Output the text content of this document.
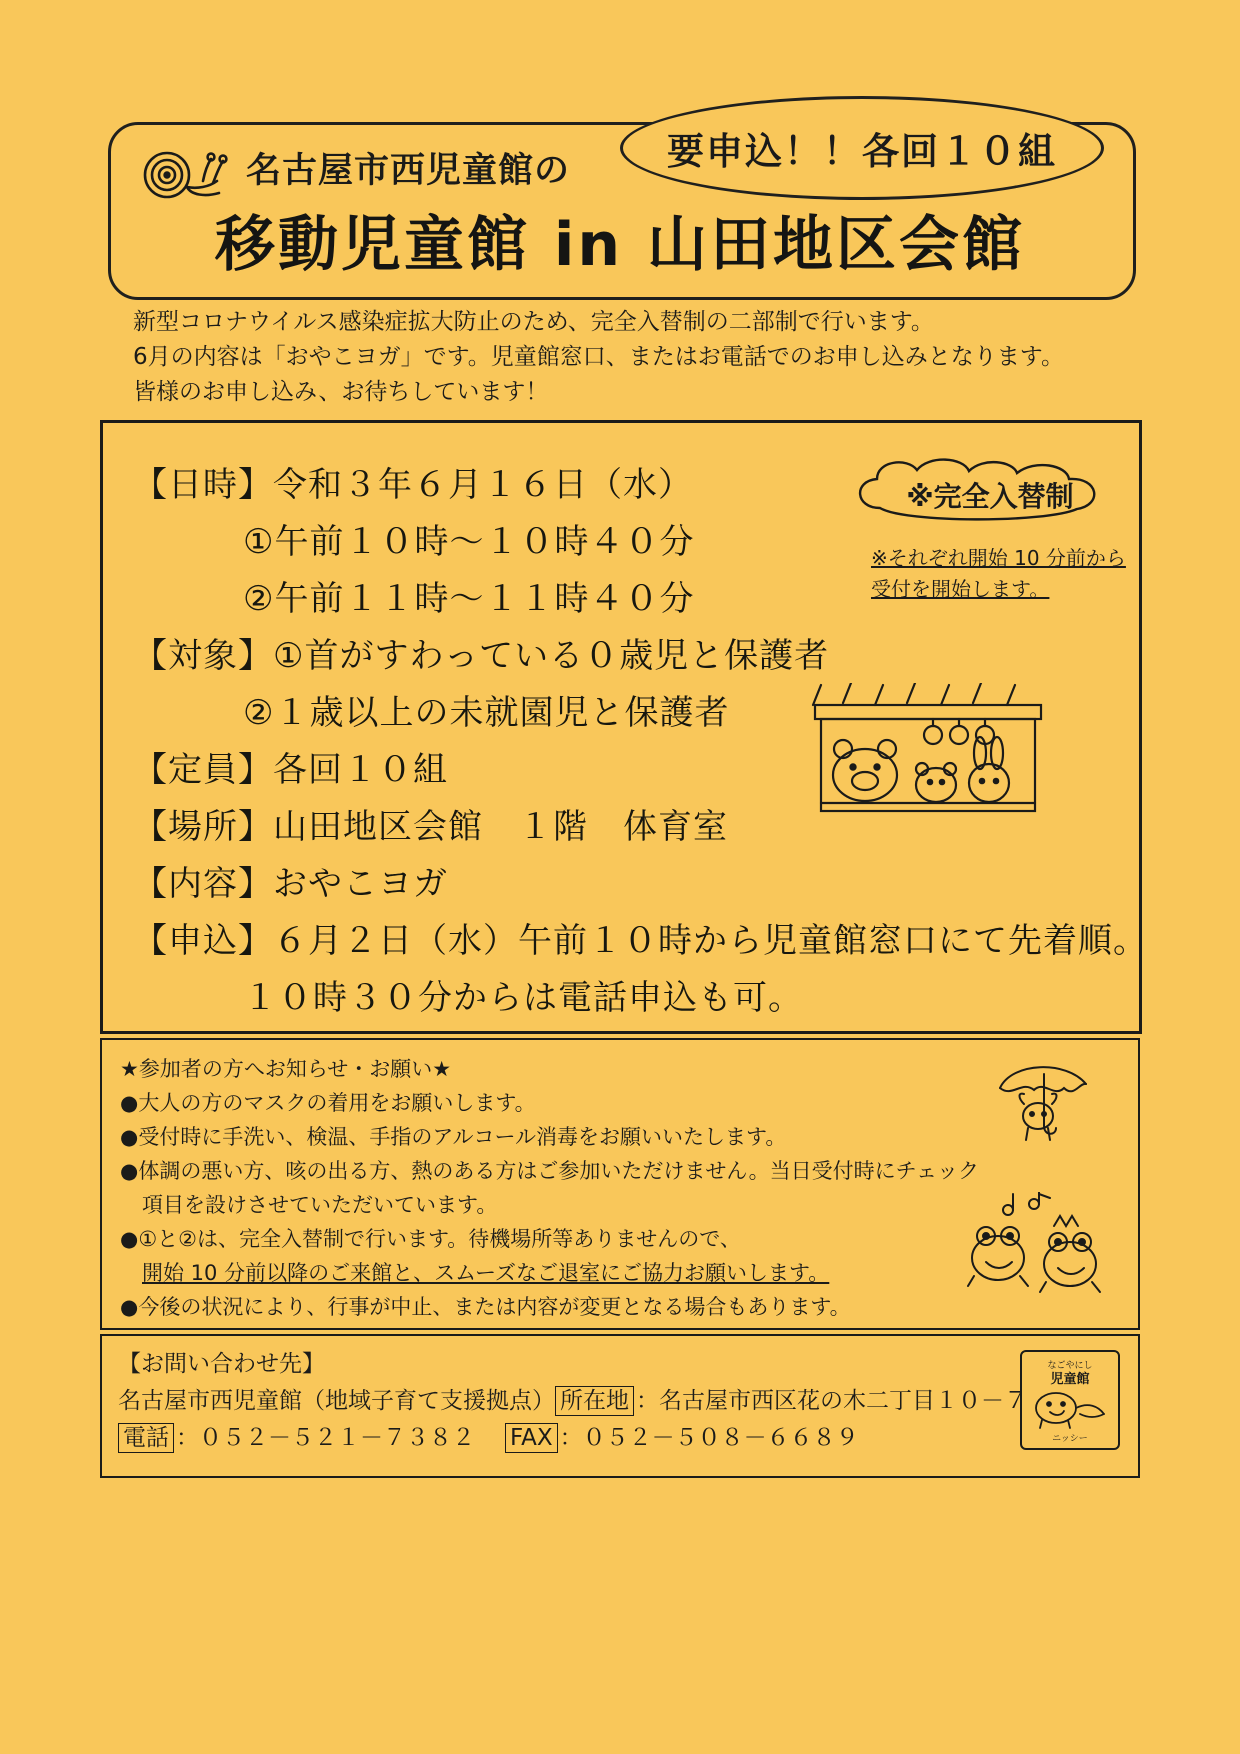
名古屋市西児童館の
移動児童館 in 山田地区会館
要申込！！各回１０組
新型コロナウイルス感染症拡大防止のため、完全入替制の二部制で行います。
6月の内容は「おやこヨガ」です。児童館窓口、またはお電話でのお申し込みとなります。
皆様のお申し込み、お待ちしています！
【日時】令和３年６月１６日（水）
①午前１０時～１０時４０分
②午前１１時～１１時４０分
【対象】①首がすわっている０歳児と保護者
②１歳以上の未就園児と保護者
【定員】各回１０組
【場所】山田地区会館　１階　体育室
【内容】おやこヨガ
【申込】６月２日（水）午前１０時から児童館窓口にて先着順。
１０時３０分からは電話申込も可。
※完全入替制
※それぞれ開始 10 分前から
受付を開始します。
★参加者の方へお知らせ・お願い★
●大人の方のマスクの着用をお願いします。
●受付時に手洗い、検温、手指のアルコール消毒をお願いいたします。
●体調の悪い方、咳の出る方、熱のある方はご参加いただけません。当日受付時にチェック
項目を設けさせていただいています。
●①と②は、完全入替制で行います。待機場所等ありませんので、
開始 10 分前以降のご来館と、スムーズなご退室にご協力お願いします。
●今後の状況により、行事が中止、または内容が変更となる場合もあります。
【お問い合わせ先】
名古屋市西児童館（地域子育て支援拠点） 所在地 ： 名古屋市西区花の木二丁目１０－７
電話 ： ０５２－５２１－７３８２ FAX ： ０５２－５０８－６６８９
なごやにし
児童館
ニッシー
